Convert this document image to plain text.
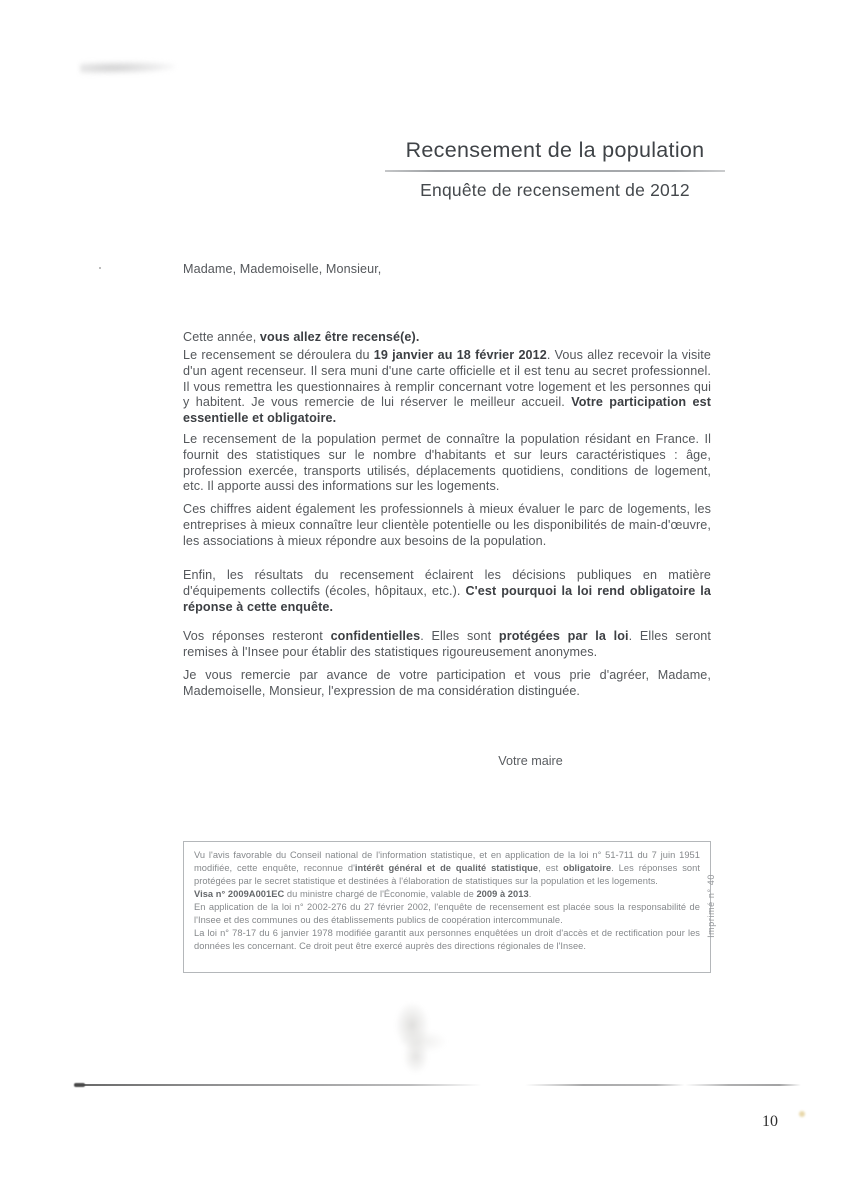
Recensement de la population
Enquête de recensement de 2012

Madame, Mademoiselle, Monsieur,

Cette année, vous allez être recensé(e).

Le recensement se déroulera du 19 janvier au 18 février 2012. Vous allez recevoir la visite d'un agent recenseur. Il sera muni d'une carte officielle et il est tenu au secret professionnel. Il vous remettra les questionnaires à remplir concernant votre logement et les personnes qui y habitent. Je vous remercie de lui réserver le meilleur accueil. Votre participation est essentielle et obligatoire.

Le recensement de la population permet de connaître la population résidant en France. Il fournit des statistiques sur le nombre d'habitants et sur leurs caractéristiques : âge, profession exercée, transports utilisés, déplacements quotidiens, conditions de logement, etc. Il apporte aussi des informations sur les logements.

Ces chiffres aident également les professionnels à mieux évaluer le parc de logements, les entreprises à mieux connaître leur clientèle potentielle ou les disponibilités de main-d'œuvre, les associations à mieux répondre aux besoins de la population.

Enfin, les résultats du recensement éclairent les décisions publiques en matière d'équipements collectifs (écoles, hôpitaux, etc.). C'est pourquoi la loi rend obligatoire la réponse à cette enquête.

Vos réponses resteront confidentielles. Elles sont protégées par la loi. Elles seront remises à l'Insee pour établir des statistiques rigoureusement anonymes.

Je vous remercie par avance de votre participation et vous prie d'agréer, Madame, Mademoiselle, Monsieur, l'expression de ma considération distinguée.

Votre maire

Vu l'avis favorable du Conseil national de l'information statistique, et en application de la loi n° 51-711 du 7 juin 1951 modifiée, cette enquête, reconnue d'intérêt général et de qualité statistique, est obligatoire. Les réponses sont protégées par le secret statistique et destinées à l'élaboration de statistiques sur la population et les logements.

Visa n° 2009A001EC du ministre chargé de l'Économie, valable de 2009 à 2013.

En application de la loi n° 2002-276 du 27 février 2002, l'enquête de recensement est placée sous la responsabilité de l'Insee et des communes ou des établissements publics de coopération intercommunale.

La loi n° 78-17 du 6 janvier 1978 modifiée garantit aux personnes enquêtées un droit d'accès et de rectification pour les données les concernant. Ce droit peut être exercé auprès des directions régionales de l'Insee.

Imprimé n° 40
10
